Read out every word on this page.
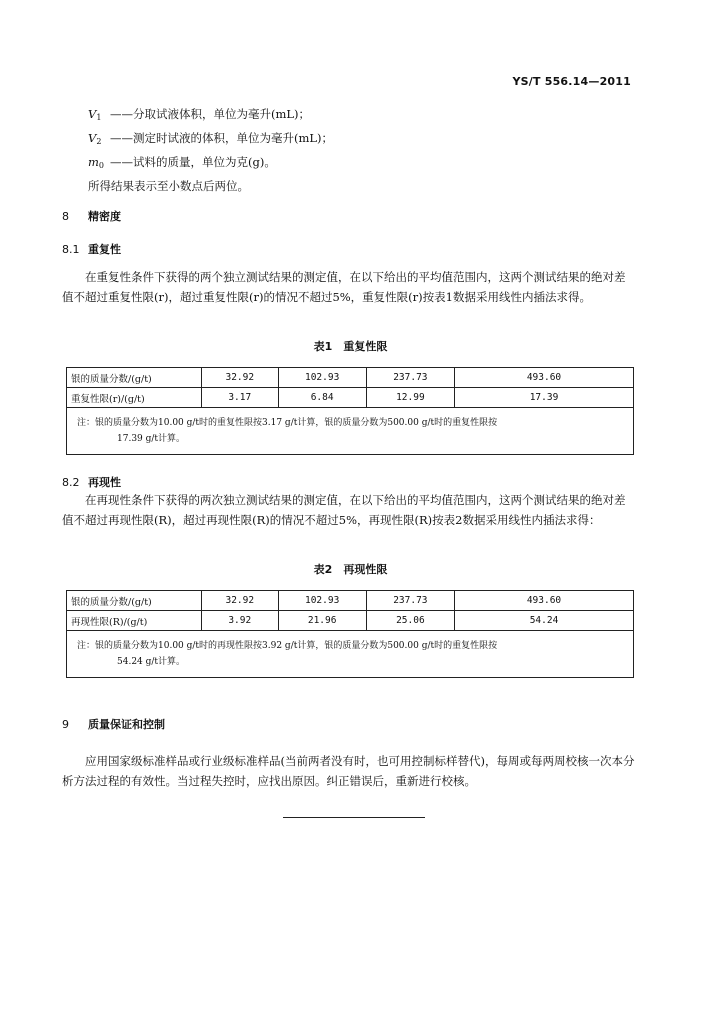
YS/T 556.14—2011
$V_1$ ——分取试液体积，单位为毫升(mL)；
$V_2$ ——测定时试液的体积，单位为毫升(mL)；
$m_0$ ——试料的质量，单位为克(g)。
所得结果表示至小数点后两位。
8 精密度
8.1 重复性
在重复性条件下获得的两个独立测试结果的测定值，在以下给出的平均值范围内，这两个测试结果的绝对差值不超过重复性限(r)，超过重复性限(r)的情况不超过5%，重复性限(r)按表1数据采用线性内插法求得。
表1　重复性限
银的质量分数/(g/t)	32.92	102.93	237.73	493.60
重复性限(r)/(g/t)	3.17	6.84	12.99	17.39
注：银的质量分数为10.00 g/t时的重复性限按3.17 g/t计算，银的质量分数为500.00 g/t时的重复性限按
17.39 g/t计算。				
8.2 再现性
在再现性条件下获得的两次独立测试结果的测定值，在以下给出的平均值范围内，这两个测试结果的绝对差值不超过再现性限(R)，超过再现性限(R)的情况不超过5%，再现性限(R)按表2数据采用线性内插法求得：
表2　再现性限
银的质量分数/(g/t)	32.92	102.93	237.73	493.60
再现性限(R)/(g/t)	3.92	21.96	25.06	54.24
注：银的质量分数为10.00 g/t时的再现性限按3.92 g/t计算，银的质量分数为500.00 g/t时的重复性限按
54.24 g/t计算。				
9 质量保证和控制
应用国家级标准样品或行业级标准样品(当前两者没有时，也可用控制标样替代)，每周或每两周校核一次本分析方法过程的有效性。当过程失控时，应找出原因。纠正错误后，重新进行校核。
